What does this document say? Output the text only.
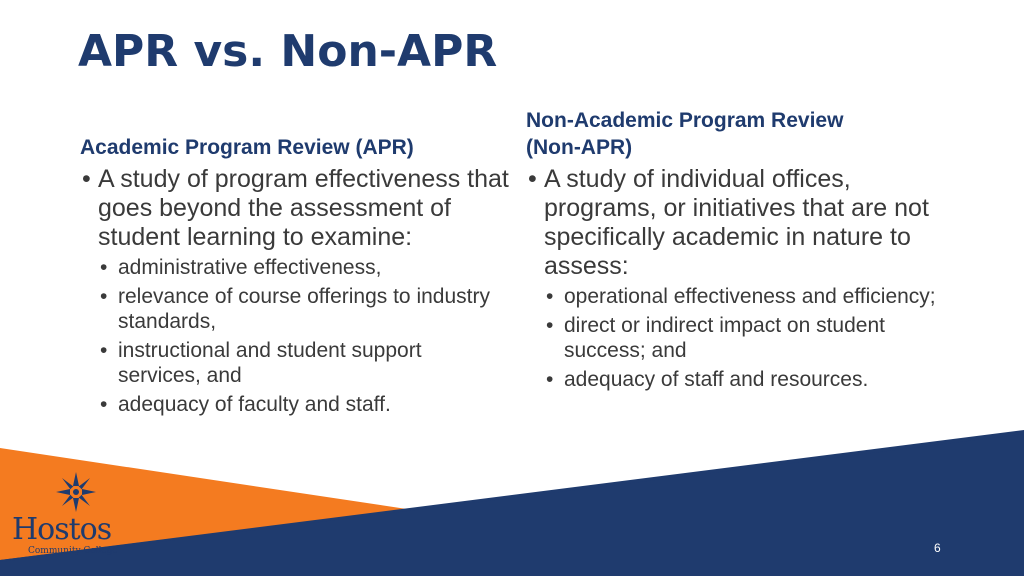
APR vs. Non-APR
Academic Program Review (APR)
• A study of program effectiveness that goes beyond the assessment of student learning to examine:
• administrative effectiveness,
• relevance of course offerings to industry standards,
• instructional and student support services, and
• adequacy of faculty and staff.
Non-Academic Program Review
(Non-APR)
• A study of individual offices, programs, or initiatives that are not specifically academic in nature to assess:
• operational effectiveness and efficiency;
• direct or indirect impact on student success; and
• adequacy of staff and resources.
Hostos
Community College	6
